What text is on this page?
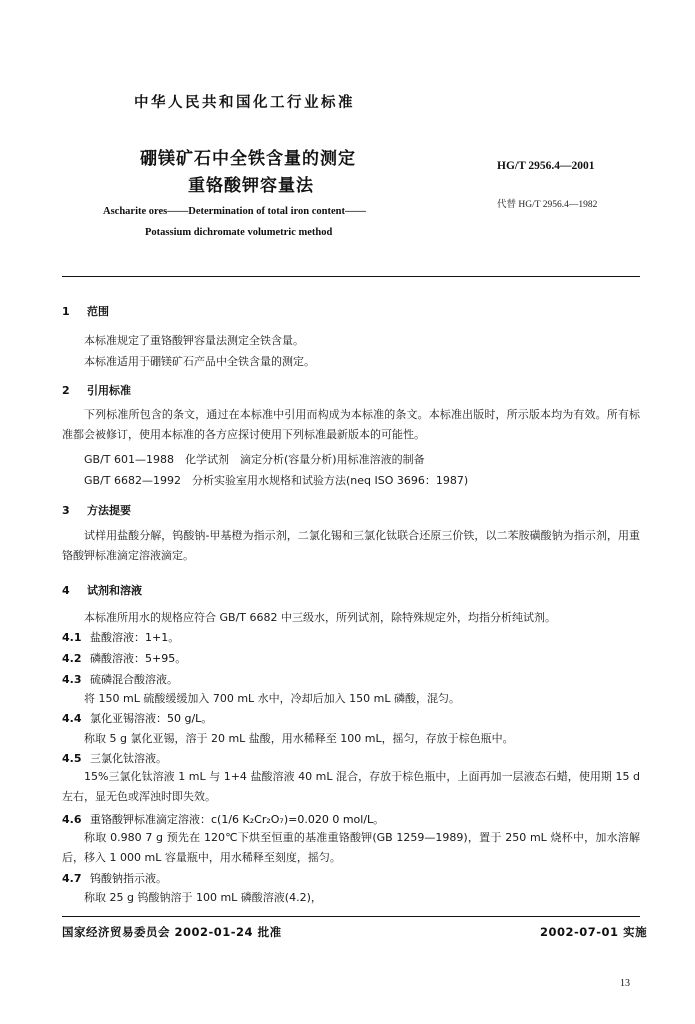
中华人民共和国化工行业标准
硼镁矿石中全铁含量的测定
重铬酸钾容量法
HG/T 2956.4—2001
代替 HG/T 2956.4—1982
Ascharite ores——Determination of total iron content——
Potassium dichromate volumetric method
1 范围
本标准规定了重铬酸钾容量法测定全铁含量。
本标准适用于硼镁矿石产品中全铁含量的测定。
2 引用标准
下列标准所包含的条文，通过在本标准中引用而构成为本标准的条文。本标准出版时，所示版本均为有效。所有标准都会被修订，使用本标准的各方应探讨使用下列标准最新版本的可能性。
GB/T 601—1988　化学试剂　滴定分析(容量分析)用标准溶液的制备
GB/T 6682—1992　分析实验室用水规格和试验方法(neq ISO 3696：1987)
3 方法提要
试样用盐酸分解，钨酸钠-甲基橙为指示剂，二氯化锡和三氯化钛联合还原三价铁，以二苯胺磺酸钠为指示剂，用重铬酸钾标准滴定溶液滴定。
4 试剂和溶液
本标准所用水的规格应符合 GB/T 6682 中三级水，所列试剂，除特殊规定外，均指分析纯试剂。
4.1 盐酸溶液：1+1。
4.2 磷酸溶液：5+95。
4.3 硫磷混合酸溶液。
将 150 mL 硫酸缓缓加入 700 mL 水中，冷却后加入 150 mL 磷酸，混匀。
4.4 氯化亚锡溶液：50 g/L。
称取 5 g 氯化亚锡，溶于 20 mL 盐酸，用水稀释至 100 mL，摇匀，存放于棕色瓶中。
4.5 三氯化钛溶液。
15%三氯化钛溶液 1 mL 与 1+4 盐酸溶液 40 mL 混合，存放于棕色瓶中，上面再加一层液态石蜡，使用期 15 d 左右，显无色或浑浊时即失效。
4.6 重铬酸钾标准滴定溶液：c(1/6 K₂Cr₂O₇)=0.020 0 mol/L。
称取 0.980 7 g 预先在 120℃下烘至恒重的基准重铬酸钾(GB 1259—1989)，置于 250 mL 烧杯中，加水溶解后，移入 1 000 mL 容量瓶中，用水稀释至刻度，摇匀。
4.7 钨酸钠指示液。
称取 25 g 钨酸钠溶于 100 mL 磷酸溶液(4.2)，
国家经济贸易委员会 2002-01-24 批准	2002-07-01 实施
13
